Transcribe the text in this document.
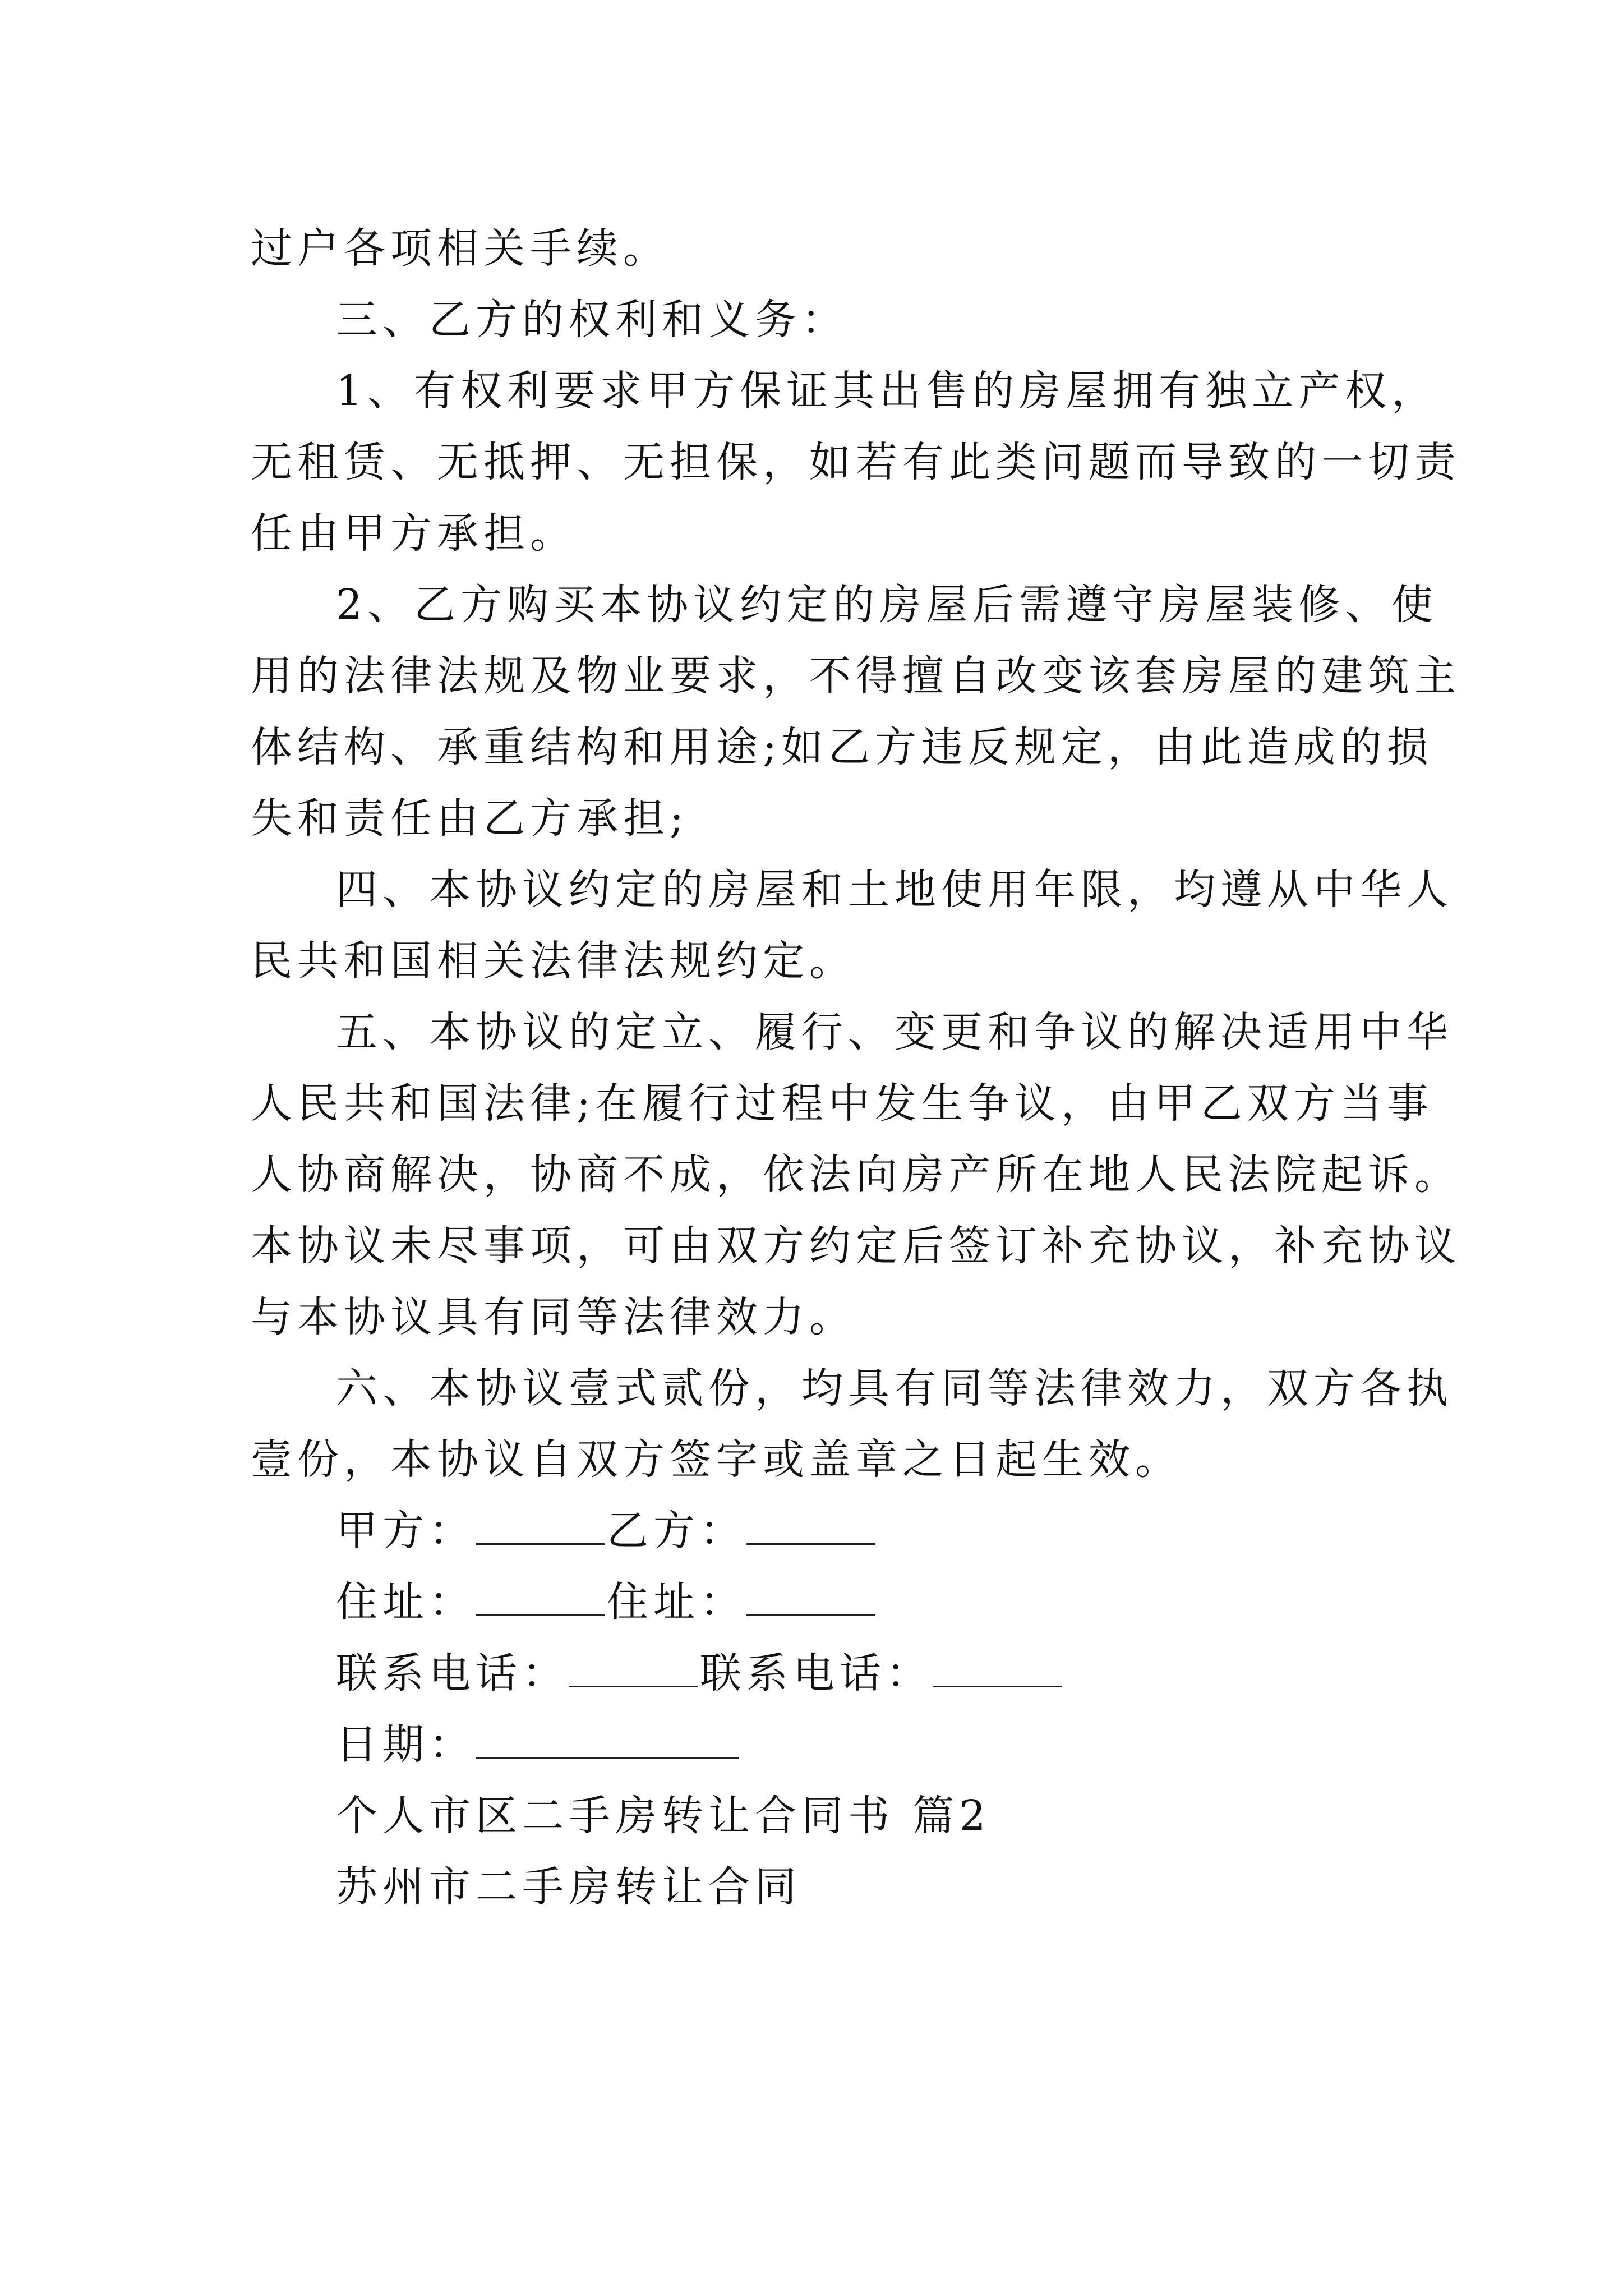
过户各项相关手续。

三、乙方的权利和义务：

1、有权利要求甲方保证其出售的房屋拥有独立产权，

无租赁、无抵押、无担保，如若有此类问题而导致的一切责

任由甲方承担。

2、乙方购买本协议约定的房屋后需遵守房屋装修、使

用的法律法规及物业要求，不得擅自改变该套房屋的建筑主

体结构、承重结构和用途;如乙方违反规定，由此造成的损

失和责任由乙方承担;

四、本协议约定的房屋和土地使用年限，均遵从中华人

民共和国相关法律法规约定。

五、本协议的定立、履行、变更和争议的解决适用中华

人民共和国法律;在履行过程中发生争议，由甲乙双方当事

人协商解决，协商不成，依法向房产所在地人民法院起诉。

本协议未尽事项，可由双方约定后签订补充协议，补充协议

与本协议具有同等法律效力。

六、本协议壹式贰份，均具有同等法律效力，双方各执

壹份，本协议自双方签字或盖章之日起生效。

甲方：	乙方：

住址：	住址：

联系电话：	联系电话：

日期：

个人市区二手房转让合同书 篇2

苏州市二手房转让合同
